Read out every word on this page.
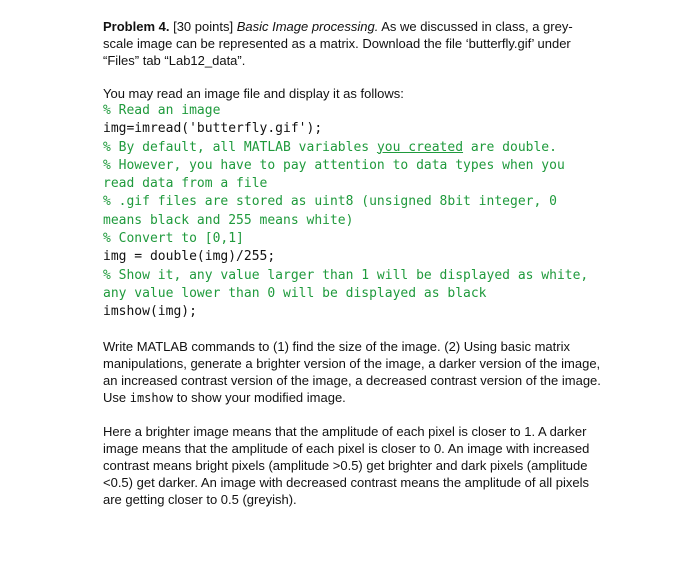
Problem 4. [30 points] Basic Image processing. As we discussed in class, a grey-scale image can be represented as a matrix. Download the file ‘butterfly.gif’ under “Files” tab “Lab12_data”.

You may read an image file and display it as follows:

% Read an image
img=imread('butterfly.gif');
% By default, all MATLAB variables you created are double.
% However, you have to pay attention to data types when you read data from a file
% .gif files are stored as uint8 (unsigned 8bit integer, 0 means black and 255 means white)
% Convert to [0,1]
img = double(img)/255;
% Show it, any value larger than 1 will be displayed as white, any value lower than 0 will be displayed as black
imshow(img);

Write MATLAB commands to (1) find the size of the image. (2) Using basic matrix manipulations, generate a brighter version of the image, a darker version of the image, an increased contrast version of the image, a decreased contrast version of the image. Use imshow to show your modified image.

Here a brighter image means that the amplitude of each pixel is closer to 1. A darker image means that the amplitude of each pixel is closer to 0. An image with increased contrast means bright pixels (amplitude >0.5) get brighter and dark pixels (amplitude <0.5) get darker. An image with decreased contrast means the amplitude of all pixels are getting closer to 0.5 (greyish).
